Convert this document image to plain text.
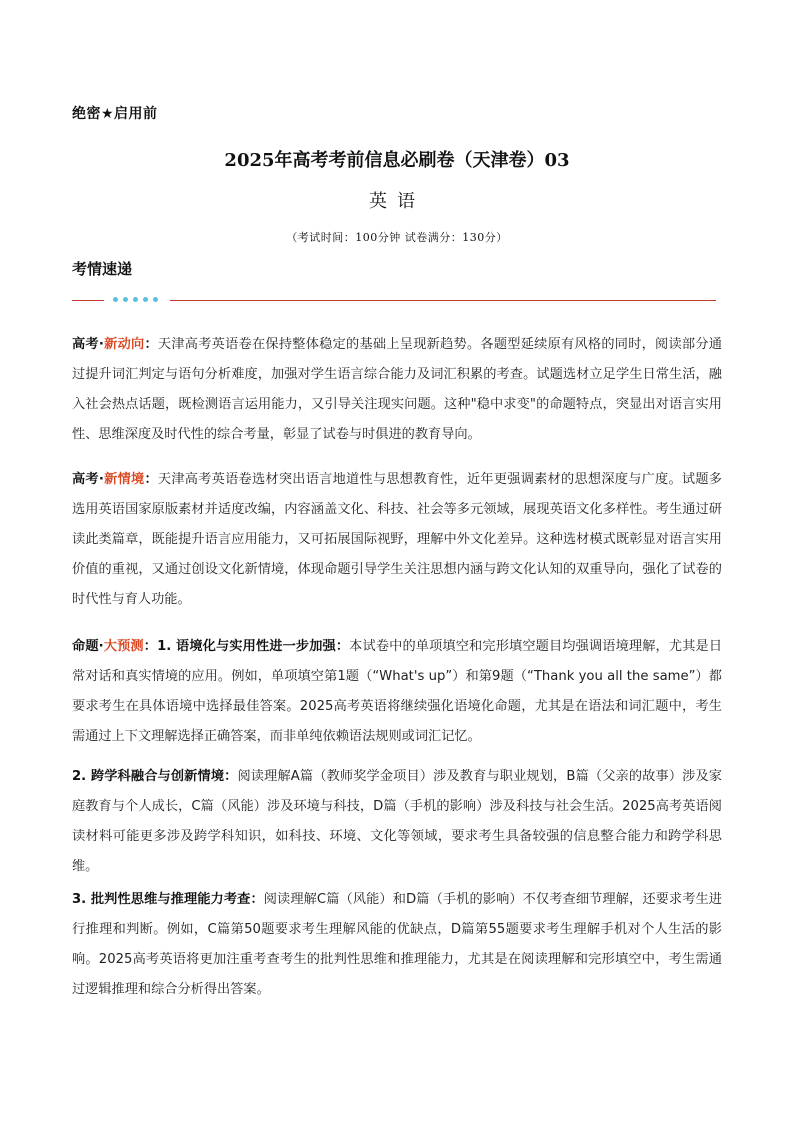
绝密★启用前
2025年高考考前信息必刷卷（天津卷）03
英语
（考试时间：100分钟 试卷满分：130分）
考情速递
高考·新动向：天津高考英语卷在保持整体稳定的基础上呈现新趋势。各题型延续原有风格的同时，阅读部分通过提升词汇判定与语句分析难度，加强对学生语言综合能力及词汇积累的考查。试题选材立足学生日常生活，融入社会热点话题，既检测语言运用能力，又引导关注现实问题。这种"稳中求变"的命题特点，突显出对语言实用性、思维深度及时代性的综合考量，彰显了试卷与时俱进的教育导向。
高考·新情境：天津高考英语卷选材突出语言地道性与思想教育性，近年更强调素材的思想深度与广度。试题多选用英语国家原版素材并适度改编，内容涵盖文化、科技、社会等多元领域，展现英语文化多样性。考生通过研读此类篇章，既能提升语言应用能力，又可拓展国际视野，理解中外文化差异。这种选材模式既彰显对语言实用价值的重视，又通过创设文化新情境，体现命题引导学生关注思想内涵与跨文化认知的双重导向，强化了试卷的时代性与育人功能。
命题·大预测：1. 语境化与实用性进一步加强：本试卷中的单项填空和完形填空题目均强调语境理解，尤其是日常对话和真实情境的应用。例如，单项填空第1题（“What's up”）和第9题（“Thank you all the same”）都要求考生在具体语境中选择最佳答案。2025高考英语将继续强化语境化命题，尤其是在语法和词汇题中，考生需通过上下文理解选择正确答案，而非单纯依赖语法规则或词汇记忆。
2. 跨学科融合与创新情境：阅读理解A篇（教师奖学金项目）涉及教育与职业规划，B篇（父亲的故事）涉及家庭教育与个人成长，C篇（风能）涉及环境与科技，D篇（手机的影响）涉及科技与社会生活。2025高考英语阅读材料可能更多涉及跨学科知识，如科技、环境、文化等领域，要求考生具备较强的信息整合能力和跨学科思维。
3. 批判性思维与推理能力考查：阅读理解C篇（风能）和D篇（手机的影响）不仅考查细节理解，还要求考生进行推理和判断。例如，C篇第50题要求考生理解风能的优缺点，D篇第55题要求考生理解手机对个人生活的影响。2025高考英语将更加注重考查考生的批判性思维和推理能力，尤其是在阅读理解和完形填空中，考生需通过逻辑推理和综合分析得出答案。
